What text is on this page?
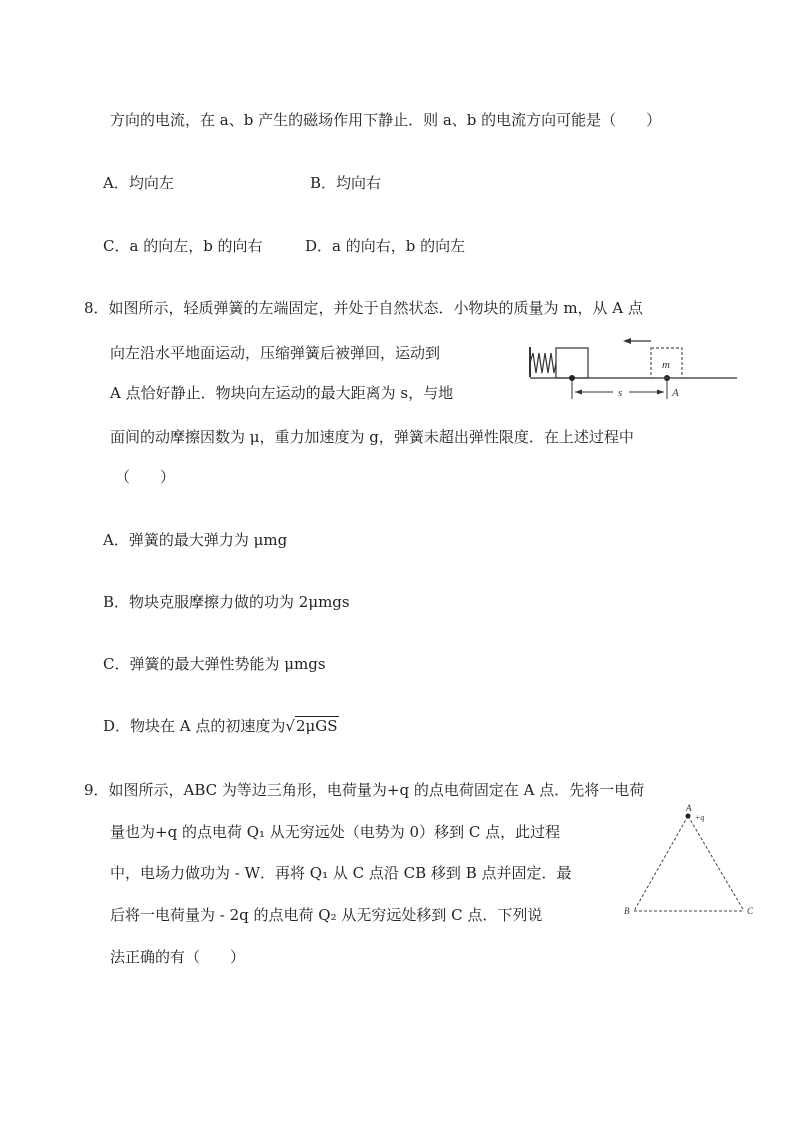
方向的电流，在 a、b 产生的磁场作用下静止．则 a、b 的电流方向可能是（　　）
A．均向左	B．均向右
C．a 的向左，b 的向右	D．a 的向右，b 的向左
8．如图所示，轻质弹簧的左端固定，并处于自然状态．小物块的质量为 m，从 A 点
向左沿水平地面运动，压缩弹簧后被弹回，运动到
A 点恰好静止．物块向左运动的最大距离为 s，与地
面间的动摩擦因数为 μ，重力加速度为 g，弹簧未超出弹性限度．在上述过程中
（　　）
m
s	A
A．弹簧的最大弹力为 μmg
B．物块克服摩擦力做的功为 2μmgs
C．弹簧的最大弹性势能为 μmgs
D．物块在 A 点的初速度为√2μGS
9．如图所示，ABC 为等边三角形，电荷量为+q 的点电荷固定在 A 点．先将一电荷
量也为+q 的点电荷 Q₁ 从无穷远处（电势为 0）移到 C 点，此过程
中，电场力做功为 - W．再将 Q₁ 从 C 点沿 CB 移到 B 点并固定．最
后将一电荷量为 - 2q 的点电荷 Q₂ 从无穷远处移到 C 点．下列说
法正确的有（　　）
A
+q
B	C
